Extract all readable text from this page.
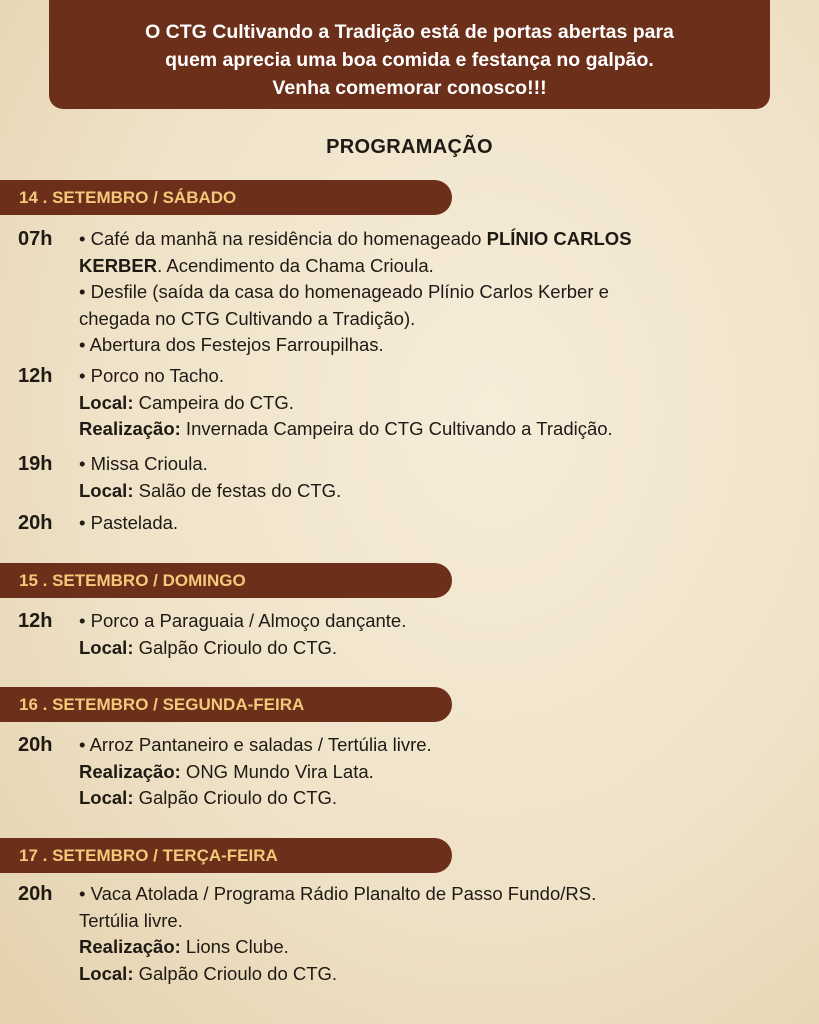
O CTG Cultivando a Tradição está de portas abertas para
quem aprecia uma boa comida e festança no galpão.
Venha comemorar conosco!!!
PROGRAMAÇÃO
14 . SETEMBRO / SÁBADO
07h • Café da manhã na residência do homenageado PLÍNIO CARLOS
KERBER. Acendimento da Chama Crioula.
• Desfile (saída da casa do homenageado Plínio Carlos Kerber e
chegada no CTG Cultivando a Tradição).
• Abertura dos Festejos Farroupilhas.
12h • Porco no Tacho.
Local: Campeira do CTG.
Realização: Invernada Campeira do CTG Cultivando a Tradição.
19h • Missa Crioula.
Local: Salão de festas do CTG.
20h • Pastelada.
15 . SETEMBRO / DOMINGO
12h • Porco a Paraguaia / Almoço dançante.
Local: Galpão Crioulo do CTG.
16 . SETEMBRO / SEGUNDA-FEIRA
20h • Arroz Pantaneiro e saladas / Tertúlia livre.
Realização: ONG Mundo Vira Lata.
Local: Galpão Crioulo do CTG.
17 . SETEMBRO / TERÇA-FEIRA
20h • Vaca Atolada / Programa Rádio Planalto de Passo Fundo/RS.
Tertúlia livre.
Realização: Lions Clube.
Local: Galpão Crioulo do CTG.
